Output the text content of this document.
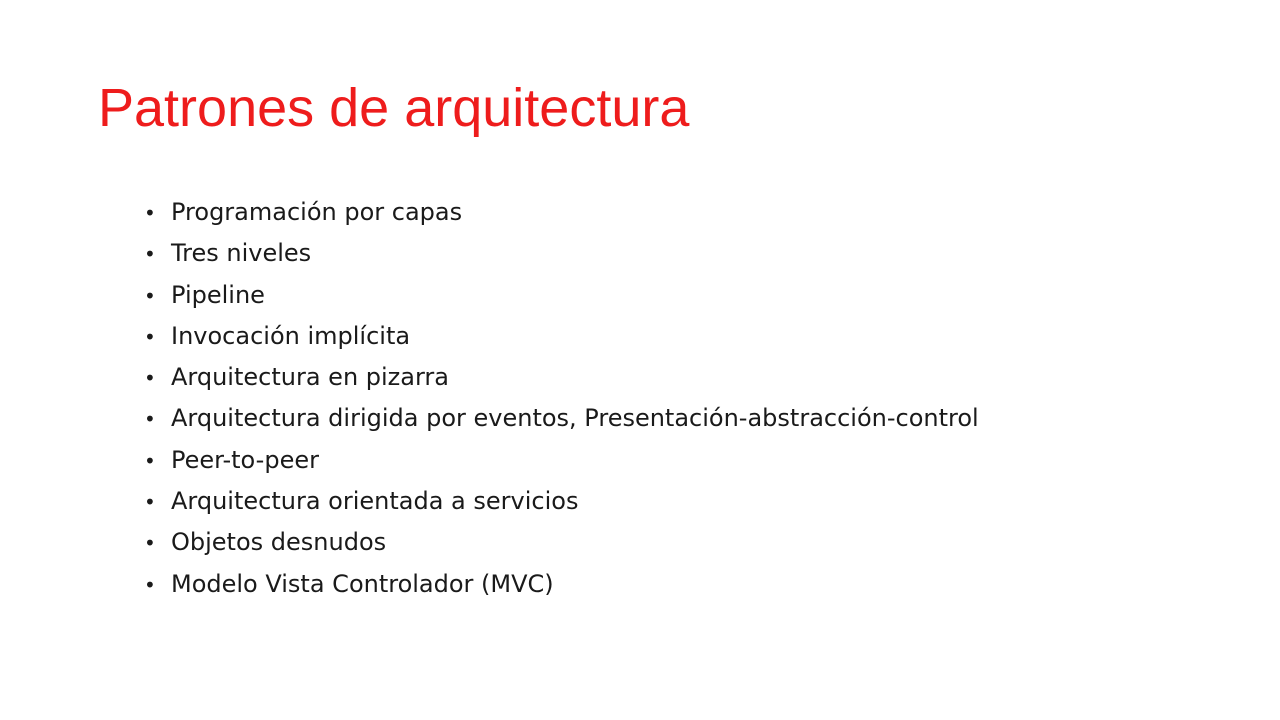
Patrones de arquitectura
• Programación por capas
• Tres niveles
• Pipeline
• Invocación implícita
• Arquitectura en pizarra
• Arquitectura dirigida por eventos, Presentación-abstracción-control
• Peer-to-peer
• Arquitectura orientada a servicios
• Objetos desnudos
• Modelo Vista Controlador (MVC)
